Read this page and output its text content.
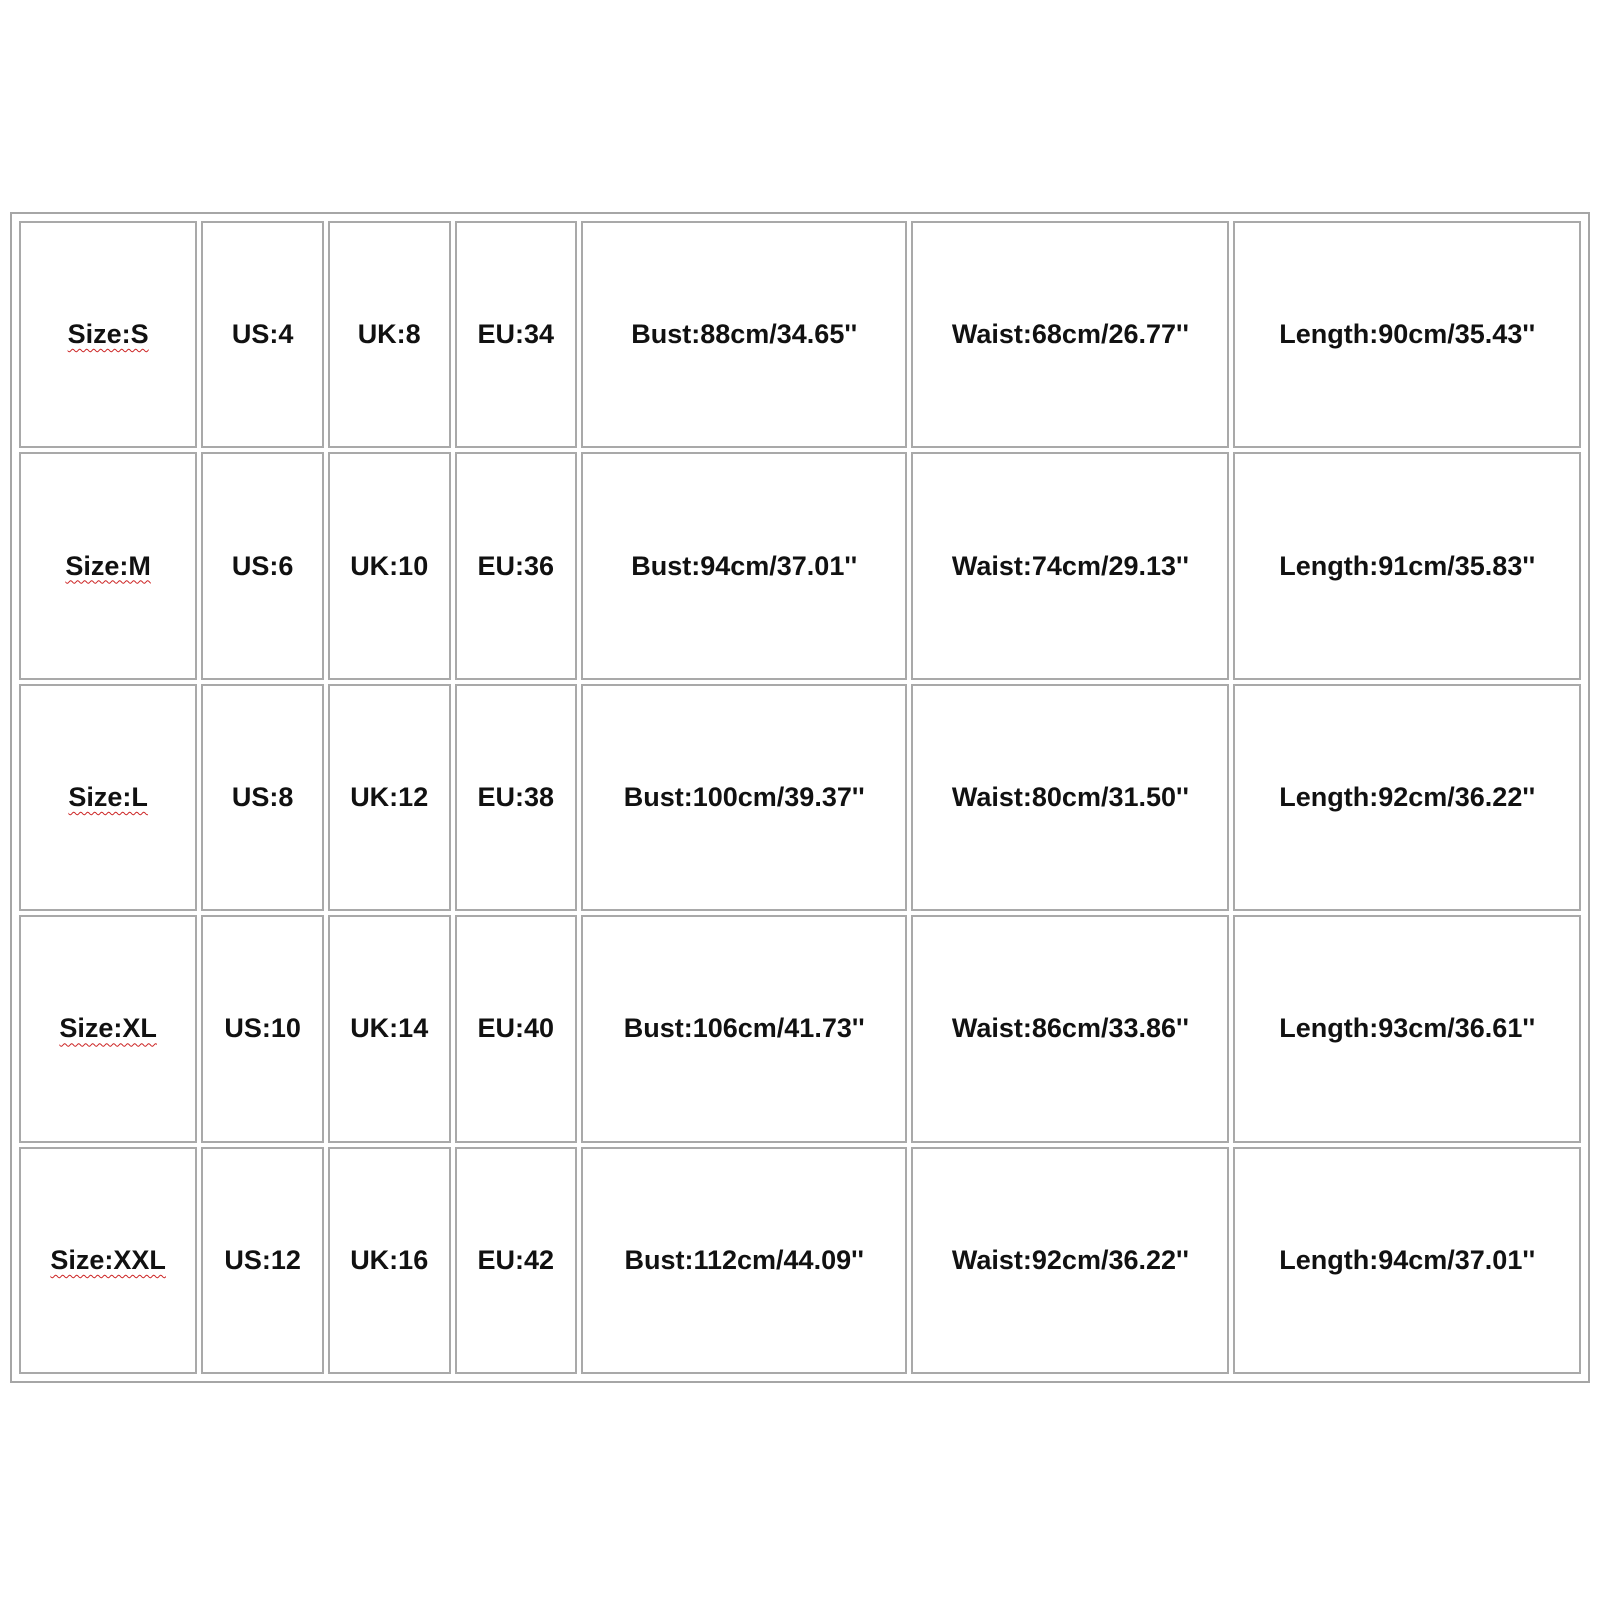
Size:S	US:4	UK:8	EU:34	Bust:88cm/34.65''	Waist:68cm/26.77''	Length:90cm/35.43''
Size:M	US:6	UK:10	EU:36	Bust:94cm/37.01''	Waist:74cm/29.13''	Length:91cm/35.83''
Size:L	US:8	UK:12	EU:38	Bust:100cm/39.37''	Waist:80cm/31.50''	Length:92cm/36.22''
Size:XL	US:10	UK:14	EU:40	Bust:106cm/41.73''	Waist:86cm/33.86''	Length:93cm/36.61''
Size:XXL	US:12	UK:16	EU:42	Bust:112cm/44.09''	Waist:92cm/36.22''	Length:94cm/37.01''
